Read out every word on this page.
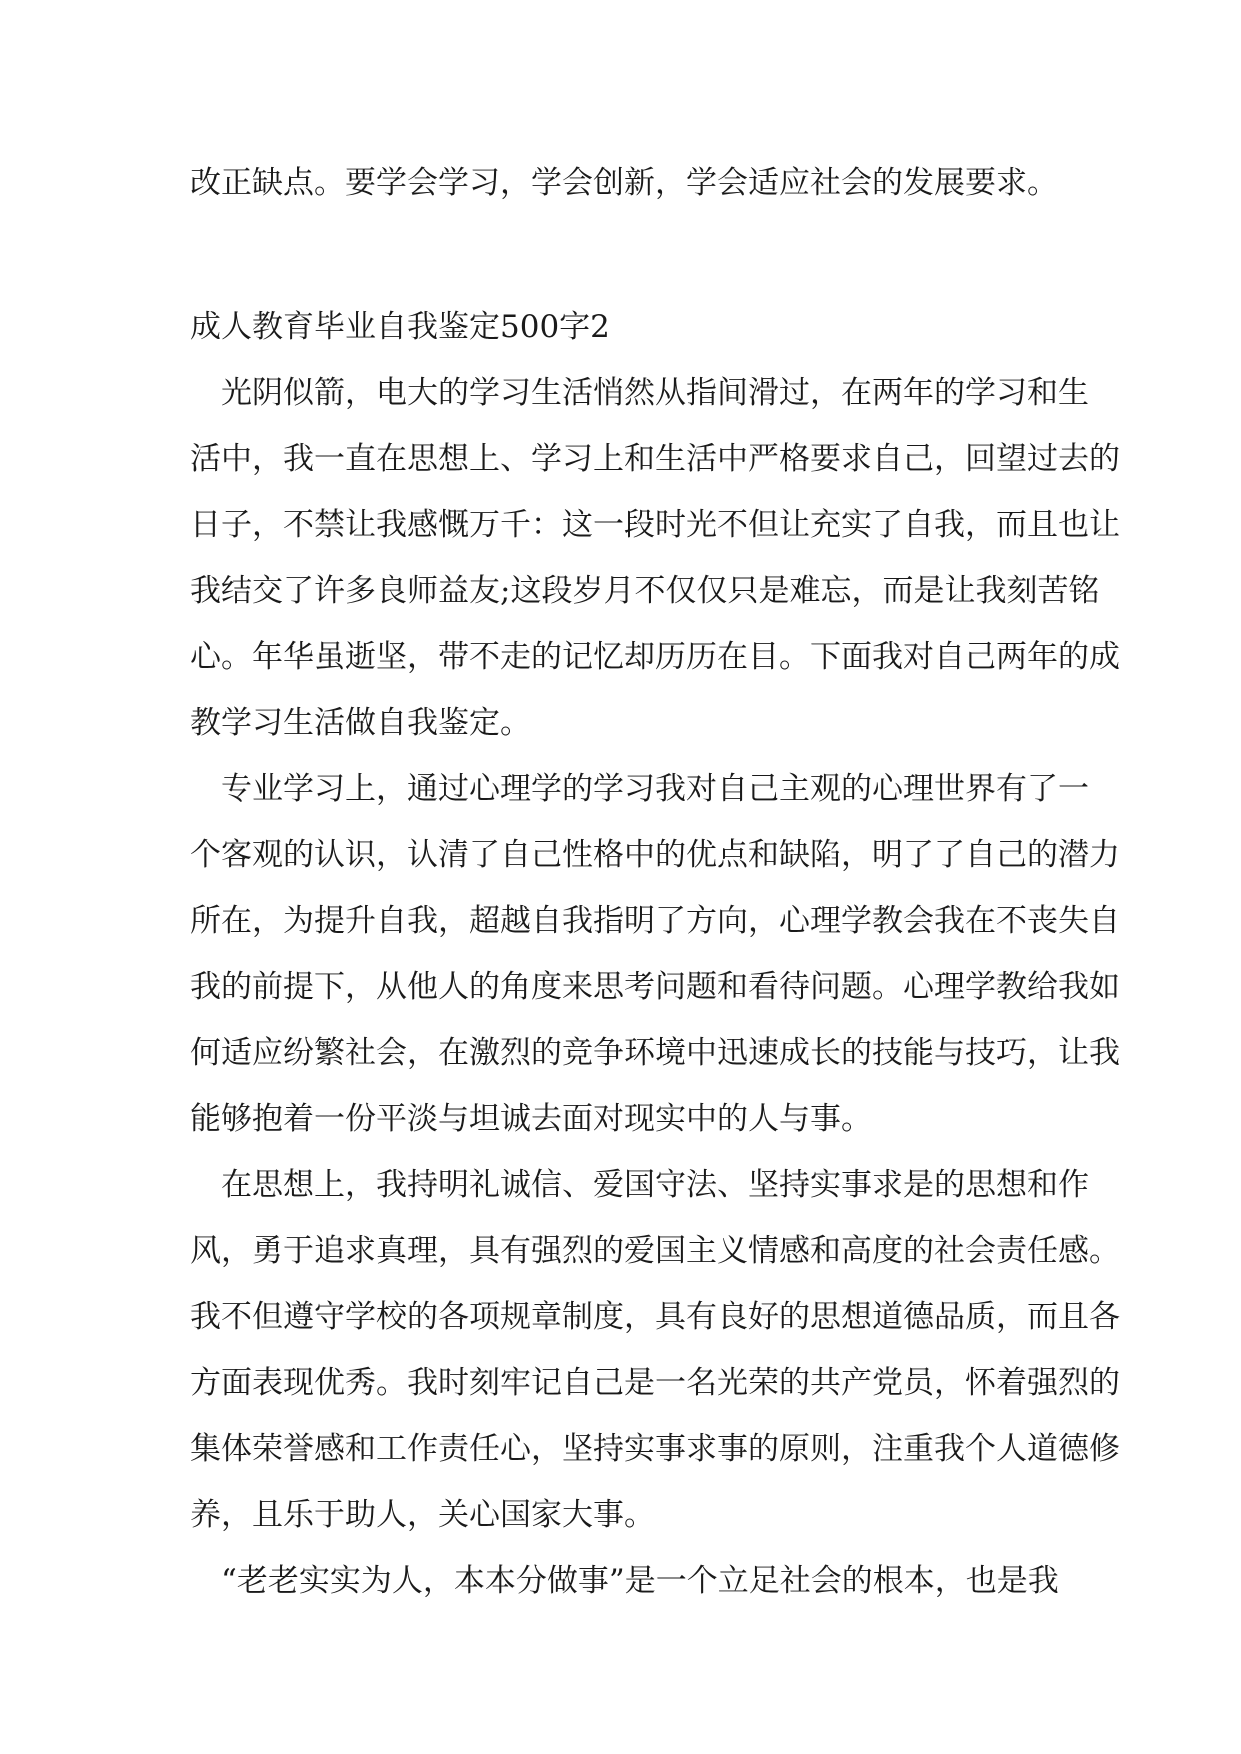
改正缺点。要学会学习，学会创新，学会适应社会的发展要求。
成人教育毕业自我鉴定500字2
　光阴似箭，电大的学习生活悄然从指间滑过，在两年的学习和生
活中，我一直在思想上、学习上和生活中严格要求自己，回望过去的
日子，不禁让我感慨万千：这一段时光不但让充实了自我，而且也让
我结交了许多良师益友;这段岁月不仅仅只是难忘，而是让我刻苦铭
心。年华虽逝坚，带不走的记忆却历历在目。下面我对自己两年的成
教学习生活做自我鉴定。
　专业学习上，通过心理学的学习我对自己主观的心理世界有了一
个客观的认识，认清了自己性格中的优点和缺陷，明了了自己的潜力
所在，为提升自我，超越自我指明了方向，心理学教会我在不丧失自
我的前提下，从他人的角度来思考问题和看待问题。心理学教给我如
何适应纷繁社会，在激烈的竞争环境中迅速成长的技能与技巧，让我
能够抱着一份平淡与坦诚去面对现实中的人与事。
　在思想上，我持明礼诚信、爱国守法、坚持实事求是的思想和作
风，勇于追求真理，具有强烈的爱国主义情感和高度的社会责任感。
我不但遵守学校的各项规章制度，具有良好的思想道德品质，而且各
方面表现优秀。我时刻牢记自己是一名光荣的共产党员，怀着强烈的
集体荣誉感和工作责任心，坚持实事求事的原则，注重我个人道德修
养，且乐于助人，关心国家大事。
　“老老实实为人，本本分做事”是一个立足社会的根本，也是我
